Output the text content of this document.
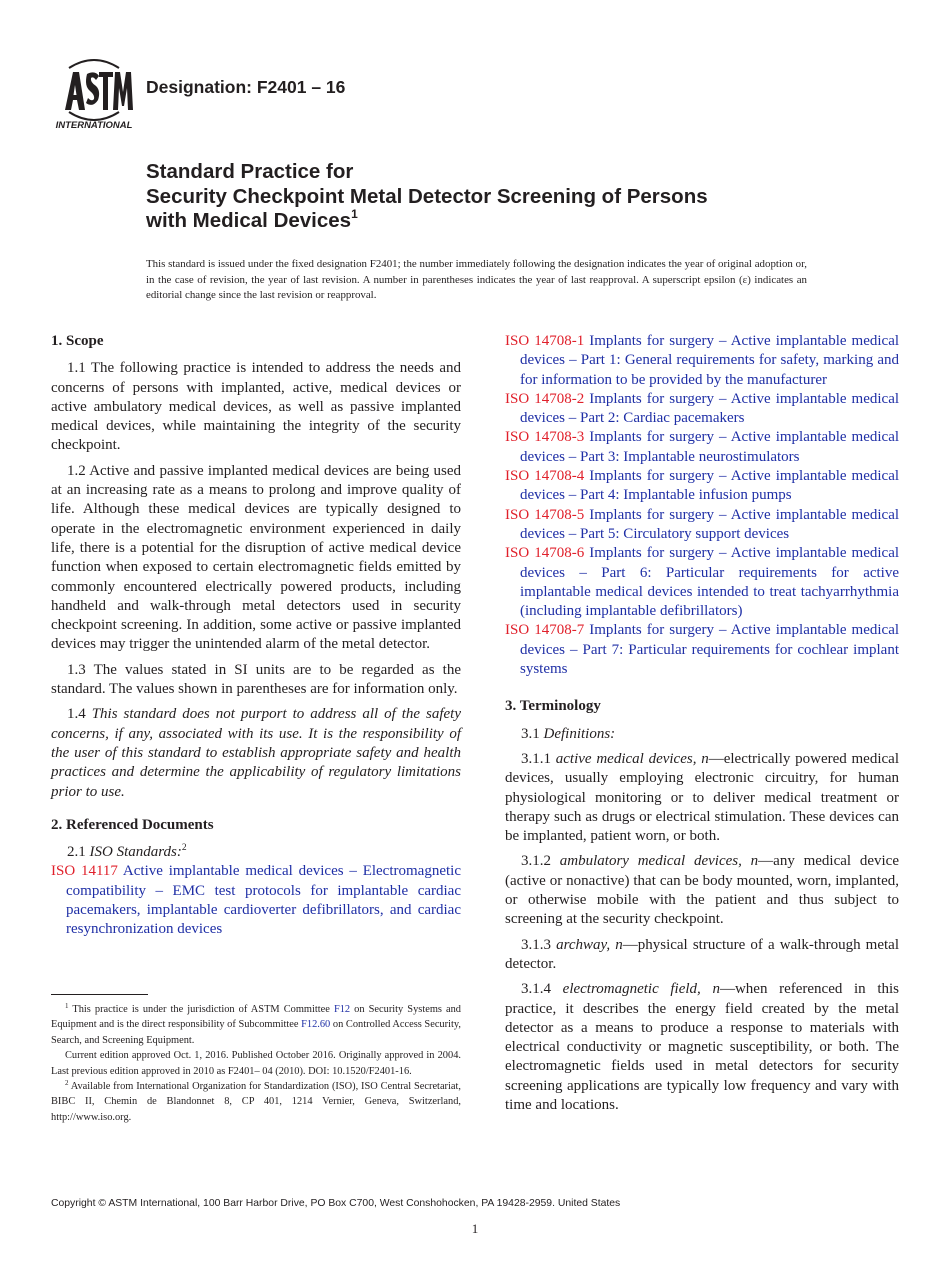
INTERNATIONAL
Designation: F2401 – 16
Standard Practice for
Security Checkpoint Metal Detector Screening of Persons
with Medical Devices$^1$
This standard is issued under the fixed designation F2401; the number immediately following the designation indicates the year of original adoption or, in the case of revision, the year of last revision. A number in parentheses indicates the year of last reapproval. A superscript epsilon (ε) indicates an editorial change since the last revision or reapproval.
1. Scope

1.1 The following practice is intended to address the needs and concerns of persons with implanted, active, medical devices or active ambulatory medical devices, as well as passive implanted medical devices, while maintaining the integrity of the security checkpoint.

1.2 Active and passive implanted medical devices are being used at an increasing rate as a means to prolong and improve quality of life. Although these medical devices are typically designed to operate in the electromagnetic environment experienced in daily life, there is a potential for the disruption of active medical device function when exposed to certain electromagnetic fields emitted by commonly encountered electrically powered products, including handheld and walk-through metal detectors used in security checkpoint screening. In addition, some active or passive implanted devices may trigger the unintended alarm of the metal detector.

1.3 The values stated in SI units are to be regarded as the standard. The values shown in parentheses are for information only.

1.4 This standard does not purport to address all of the safety concerns, if any, associated with its use. It is the responsibility of the user of this standard to establish appropriate safety and health practices and determine the applicability of regulatory limitations prior to use.

2. Referenced Documents

2.1 ISO Standards:$^2$

ISO 14117 Active implantable medical devices – Electromagnetic compatibility – EMC test protocols for implantable cardiac pacemakers, implantable cardioverter defibrillators, and cardiac resynchronization devices
ISO 14708-1 Implants for surgery – Active implantable medical devices – Part 1: General requirements for safety, marking and for information to be provided by the manufacturer
ISO 14708-2 Implants for surgery – Active implantable medical devices – Part 2: Cardiac pacemakers
ISO 14708-3 Implants for surgery – Active implantable medical devices – Part 3: Implantable neurostimulators
ISO 14708-4 Implants for surgery – Active implantable medical devices – Part 4: Implantable infusion pumps
ISO 14708-5 Implants for surgery – Active implantable medical devices – Part 5: Circulatory support devices
ISO 14708-6 Implants for surgery – Active implantable medical devices – Part 6: Particular requirements for active implantable medical devices intended to treat tachyarrhythmia (including implantable defibrillators)
ISO 14708-7 Implants for surgery – Active implantable medical devices – Part 7: Particular requirements for cochlear implant systems
3. Terminology

3.1 Definitions:

3.1.1 active medical devices, n—electrically powered medical devices, usually employing electronic circuitry, for human physiological monitoring or to deliver medical treatment or therapy such as drugs or electrical stimulation. These devices can be implanted, patient worn, or both.

3.1.2 ambulatory medical devices, n—any medical device (active or nonactive) that can be body mounted, worn, implanted, or otherwise mobile with the patient and thus subject to screening at the security checkpoint.

3.1.3 archway, n—physical structure of a walk-through metal detector.

3.1.4 electromagnetic field, n—when referenced in this practice, it describes the energy field created by the metal detector as a means to produce a response to materials with electrical conductivity or magnetic susceptibility, or both. The electromagnetic fields used in metal detectors for security screening applications are typically low frequency and vary with time and locations.

$^1$ This practice is under the jurisdiction of ASTM Committee F12 on Security Systems and Equipment and is the direct responsibility of Subcommittee F12.60 on Controlled Access Security, Search, and Screening Equipment.

Current edition approved Oct. 1, 2016. Published October 2016. Originally approved in 2004. Last previous edition approved in 2010 as F2401– 04 (2010). DOI: 10.1520/F2401-16.

$^2$ Available from International Organization for Standardization (ISO), ISO Central Secretariat, BIBC II, Chemin de Blandonnet 8, CP 401, 1214 Vernier, Geneva, Switzerland, http://www.iso.org.

Copyright © ASTM International, 100 Barr Harbor Drive, PO Box C700, West Conshohocken, PA 19428-2959. United States
1
